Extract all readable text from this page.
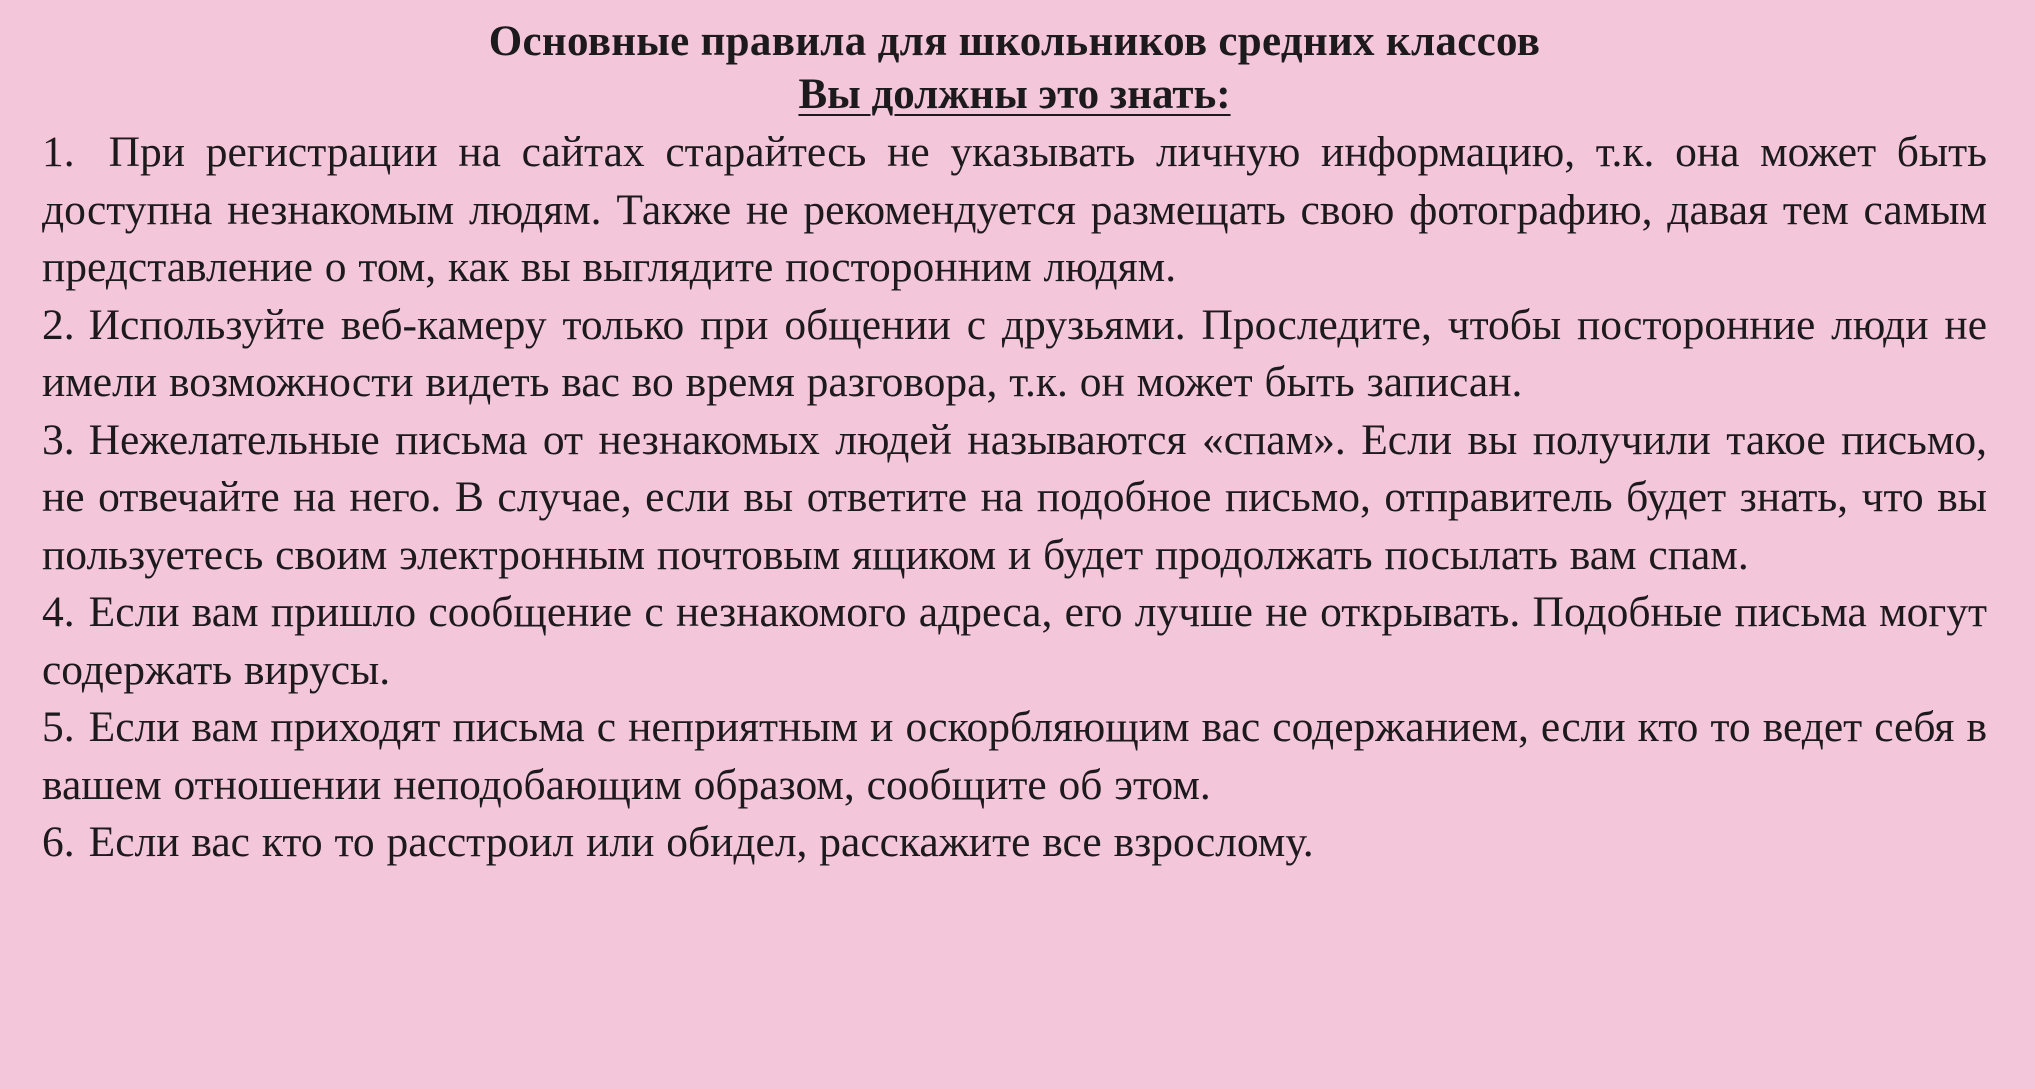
Основные правила для школьников средних классов
Вы должны это знать:
1. При регистрации на сайтах старайтесь не указывать личную информацию, т.к. она может быть доступна незнакомым людям. Также не рекомендуется размещать свою фотографию, давая тем самым представление о том, как вы выглядите посторонним людям.
2. Используйте веб-камеру только при общении с друзьями. Проследите, чтобы посторонние люди не имели возможности видеть вас во время разговора, т.к. он может быть записан.
3. Нежелательные письма от незнакомых людей называются «спам». Если вы получили такое письмо, не отвечайте на него. В случае, если вы ответите на подобное письмо, отправитель будет знать, что вы пользуетесь своим электронным почтовым ящиком и будет продолжать посылать вам спам.
4. Если вам пришло сообщение с незнакомого адреса, его лучше не открывать. Подобные письма могут содержать вирусы.
5. Если вам приходят письма с неприятным и оскорбляющим вас содержанием, если кто то ведет себя в вашем отношении неподобающим образом, сообщите об этом.
6. Если вас кто то расстроил или обидел, расскажите все взрослому.
